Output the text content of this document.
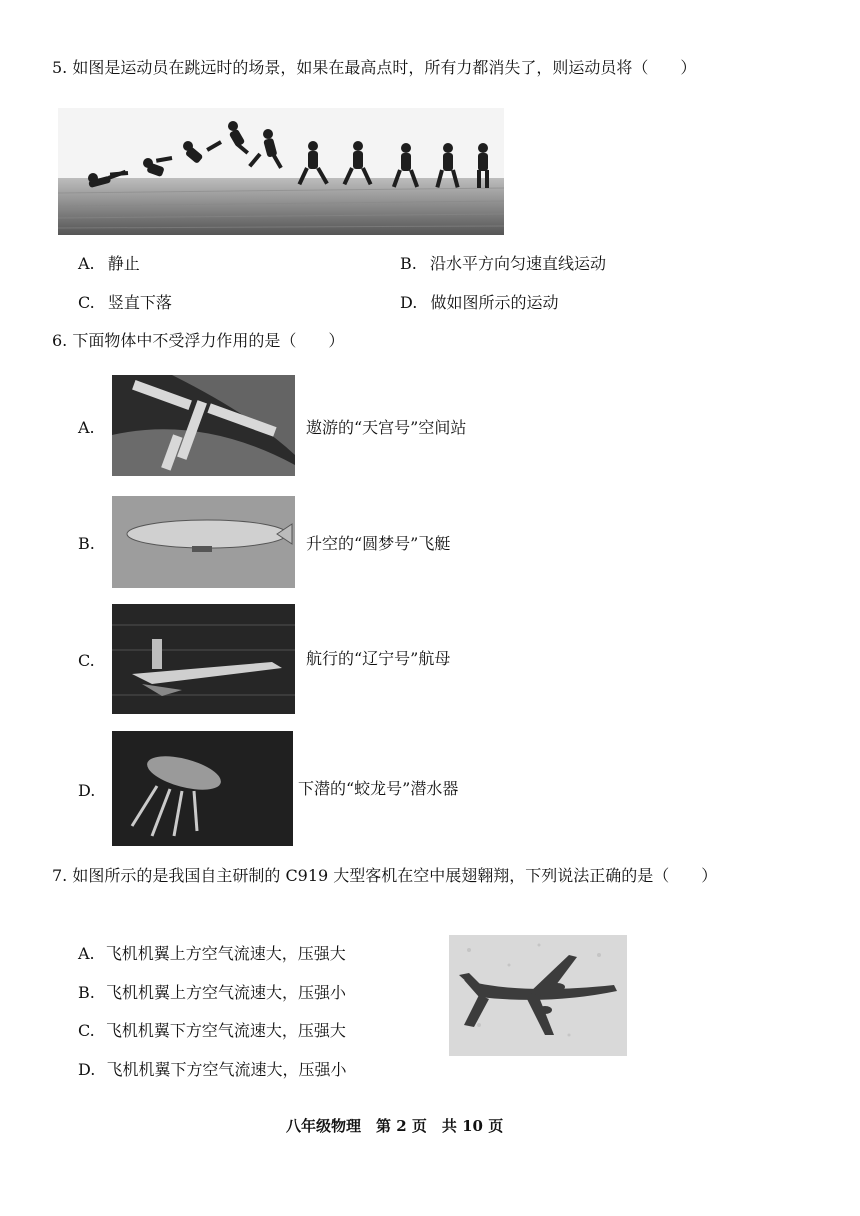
5. 如图是运动员在跳远时的场景，如果在最高点时，所有力都消失了，则运动员将（　　）
A. 静止	B. 沿水平方向匀速直线运动
C. 竖直下落	D. 做如图所示的运动
6. 下面物体中不受浮力作用的是（　　）
A.	遨游的“天宫号”空间站
B.	升空的“圆梦号”飞艇
C.	航行的“辽宁号”航母
D.	下潜的“蛟龙号”潜水器
7. 如图所示的是我国自主研制的 C919 大型客机在空中展翅翱翔，下列说法正确的是（　　）
A. 飞机机翼上方空气流速大，压强大
B. 飞机机翼上方空气流速大，压强小
C. 飞机机翼下方空气流速大，压强大
D. 飞机机翼下方空气流速大，压强小
八年级物理　第 2 页　共 10 页
